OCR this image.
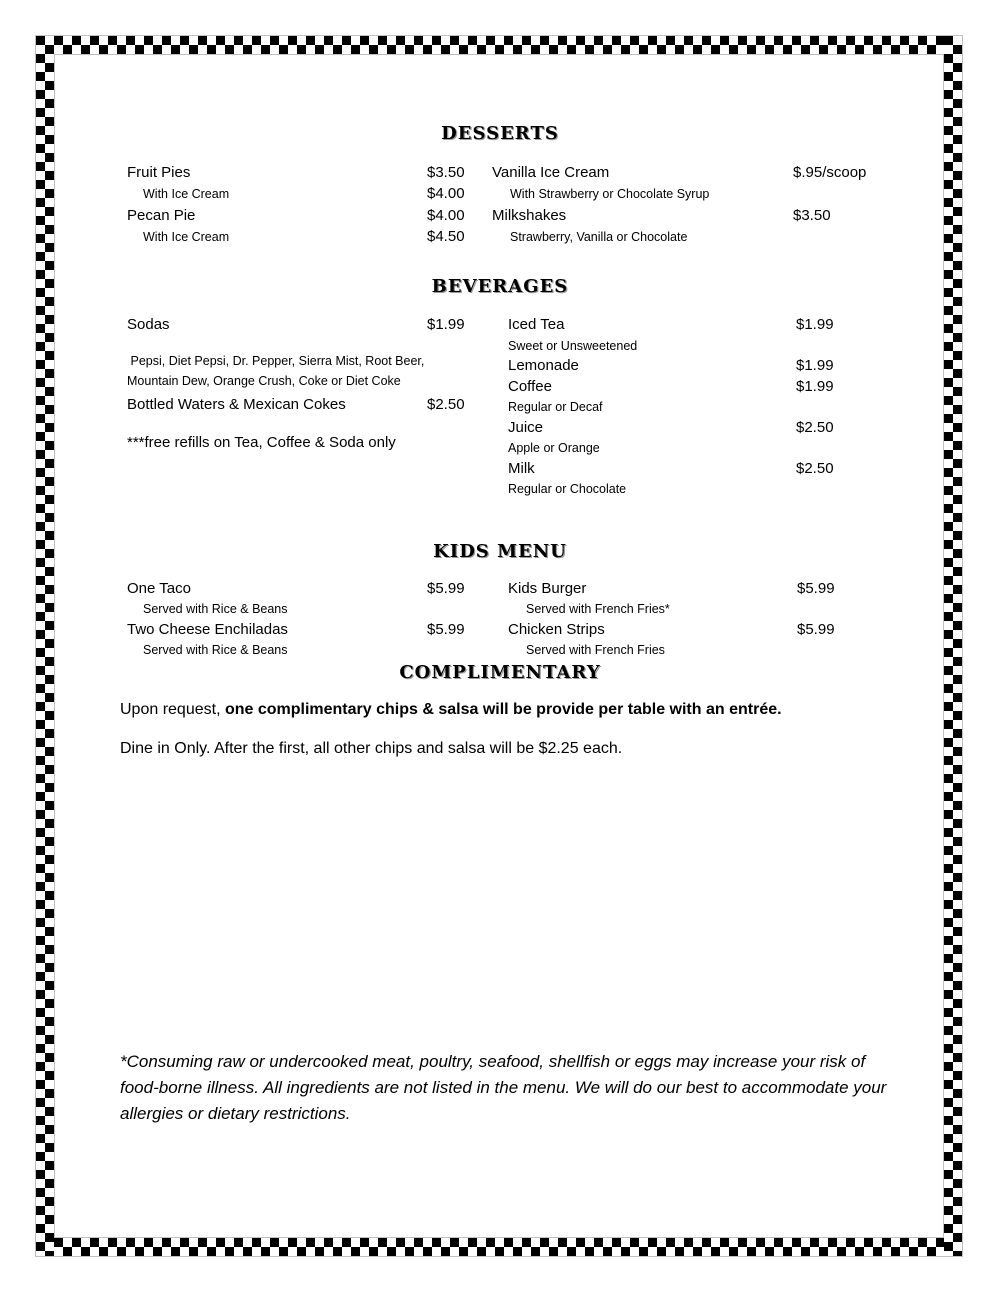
DESSERTS
Fruit Pies	$3.50
With Ice Cream	$4.00
Pecan Pie	$4.00
With Ice Cream	$4.50
Vanilla Ice Cream	$.95/scoop
With Strawberry or Chocolate Syrup
Milkshakes	$3.50
Strawberry, Vanilla or Chocolate
BEVERAGES
Sodas	$1.99
Pepsi, Diet Pepsi, Dr. Pepper, Sierra Mist, Root Beer, Mountain Dew, Orange Crush, Coke or Diet Coke
Bottled Waters & Mexican Cokes	$2.50
***free refills on Tea, Coffee & Soda only
Iced Tea	$1.99
Sweet or Unsweetened
Lemonade	$1.99
Coffee	$1.99
Regular or Decaf
Juice	$2.50
Apple or Orange
Milk	$2.50
Regular or Chocolate
KIDS MENU
One Taco	$5.99
Served with Rice & Beans
Two Cheese Enchiladas	$5.99
Served with Rice & Beans
Kids Burger	$5.99
Served with French Fries*
Chicken Strips	$5.99
Served with French Fries
COMPLIMENTARY

Upon request, one complimentary chips & salsa will be provide per table with an entrée.

Dine in Only. After the first, all other chips and salsa will be $2.25 each.

*Consuming raw or undercooked meat, poultry, seafood, shellfish or eggs may increase your risk of food-borne illness. All ingredients are not listed in the menu. We will do our best to accommodate your allergies or dietary restrictions.
